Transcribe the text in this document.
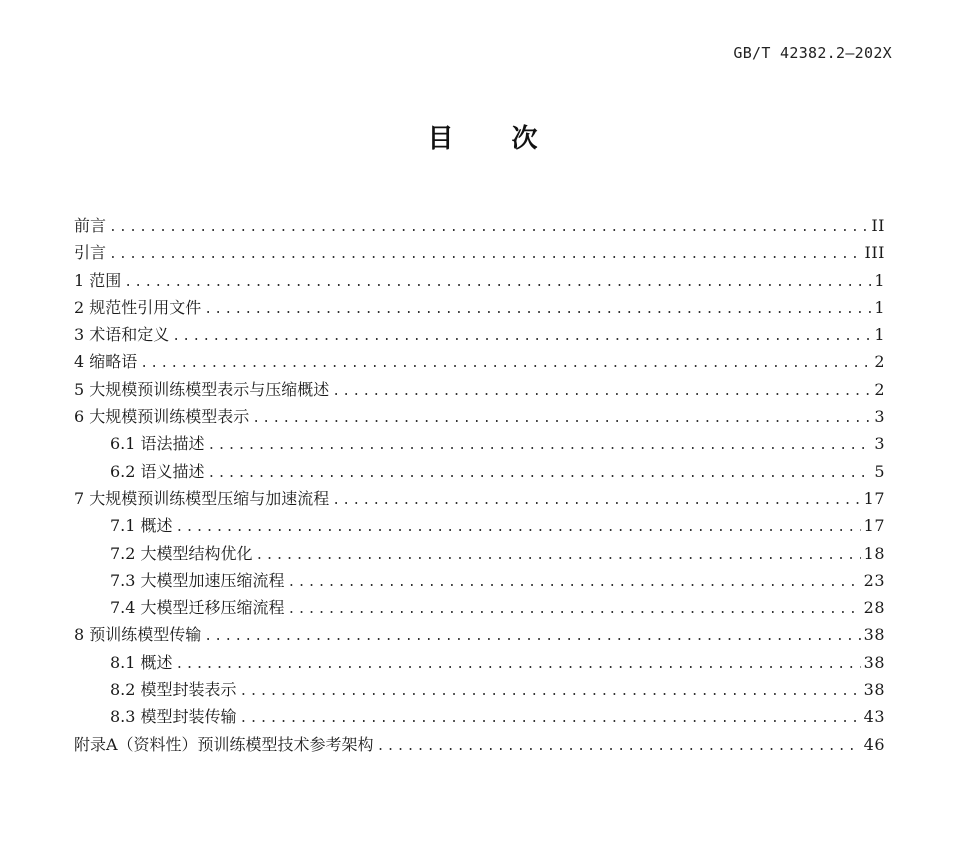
GB/T 42382.2—202X
目次
前言 .....	II
引言 .....	III
1 范围 .....	1
2 规范性引用文件 .....	1
3 术语和定义 .....	1
4 缩略语 .....	2
5 大规模预训练模型表示与压缩概述 .....	2
6 大规模预训练模型表示 .....	3
6.1 语法描述 .....	3
6.2 语义描述 .....	5
7 大规模预训练模型压缩与加速流程 .....	17
7.1 概述 .....	17
7.2 大模型结构优化 .....	18
7.3 大模型加速压缩流程 .....	23
7.4 大模型迁移压缩流程 .....	28
8 预训练模型传输 .....	38
8.1 概述 .....	38
8.2 模型封装表示 .....	38
8.3 模型封装传输 .....	43
附录A（资料性）预训练模型技术参考架构 .....	46
